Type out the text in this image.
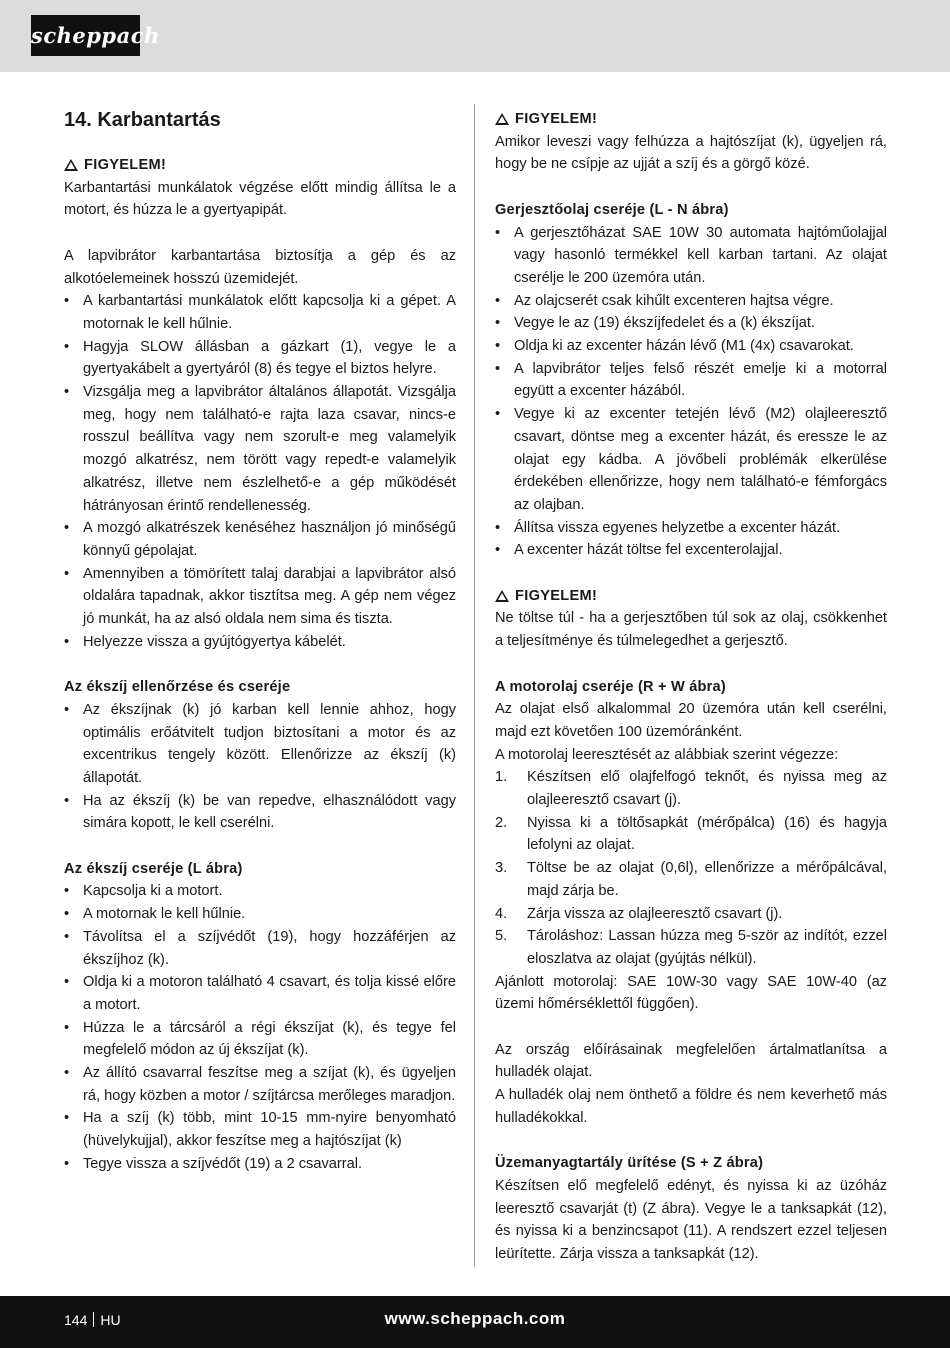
scheppach
14. Karbantartás
FIGYELEM!

Karbantartási munkálatok végzése előtt mindig állítsa le a motort, és húzza le a gyertyapipát.

A lapvibrátor karbantartása biztosítja a gép és az alkotóelemeinek hosszú üzemidejét.

• A karbantartási munkálatok előtt kapcsolja ki a gépet. A motornak le kell hűlnie.
• Hagyja SLOW állásban a gázkart (1), vegye le a gyertyakábelt a gyertyáról (8) és tegye el biztos helyre.
• Vizsgálja meg a lapvibrátor általános állapotát. Vizsgálja meg, hogy nem található-e rajta laza csavar, nincs-e rosszul beállítva vagy nem szorult-e meg valamelyik mozgó alkatrész, nem törött vagy repedt-e valamelyik alkatrész, illetve nem észlelhető-e a gép működését hátrányosan érintő rendellenesség.
• A mozgó alkatrészek kenéséhez használjon jó minőségű könnyű gépolajat.
• Amennyiben a tömörített talaj darabjai a lapvibrátor alsó oldalára tapadnak, akkor tisztítsa meg. A gép nem végez jó munkát, ha az alsó oldala nem sima és tiszta.
• Helyezze vissza a gyújtógyertya kábelét.
Az ékszíj ellenőrzése és cseréje
• Az ékszíjnak (k) jó karban kell lennie ahhoz, hogy optimális erőátvitelt tudjon biztosítani a motor és az excentrikus tengely között. Ellenőrizze az ékszíj (k) állapotát.
• Ha az ékszíj (k) be van repedve, elhasználódott vagy simára kopott, le kell cserélni.
Az ékszíj cseréje (L ábra)
• Kapcsolja ki a motort.
• A motornak le kell hűlnie.
• Távolítsa el a szíjvédőt (19), hogy hozzáférjen az ékszíjhoz (k).
• Oldja ki a motoron található 4 csavart, és tolja kissé előre a motort.
• Húzza le a tárcsáról a régi ékszíjat (k), és tegye fel megfelelő módon az új ékszíjat (k).
• Az állító csavarral feszítse meg a szíjat (k), és ügyeljen rá, hogy közben a motor / szíjtárcsa merőleges maradjon.
• Ha a szíj (k) több, mint 10-15 mm-nyire benyomható (hüvelykujjal), akkor feszítse meg a hajtószíjat (k)
• Tegye vissza a szíjvédőt (19) a 2 csavarral.
FIGYELEM!

Amikor leveszi vagy felhúzza a hajtószíjat (k), ügyeljen rá, hogy be ne csípje az ujját a szíj és a görgő közé.

Gerjesztőolaj cseréje (L - N ábra)
• A gerjesztőházat SAE 10W 30 automata hajtóműolajjal vagy hasonló termékkel kell karban tartani. Az olajat cserélje le 200 üzemóra után.
• Az olajcserét csak kihűlt excenteren hajtsa végre.
• Vegye le az (19) ékszíjfedelet és a (k) ékszíjat.
• Oldja ki az excenter házán lévő (M1 (4x) csavarokat.
• A lapvibrátor teljes felső részét emelje ki a motorral együtt a excenter házából.
• Vegye ki az excenter tetején lévő (M2) olajleeresztő csavart, döntse meg a excenter házát, és eressze le az olajat egy kádba. A jövőbeli problémák elkerülése érdekében ellenőrizze, hogy nem található-e fémforgács az olajban.
• Állítsa vissza egyenes helyzetbe a excenter házát.
• A excenter házát töltse fel excenterolajjal.
FIGYELEM!

Ne töltse túl - ha a gerjesztőben túl sok az olaj, csökkenhet a teljesítménye és túlmelegedhet a gerjesztő.

A motorolaj cseréje (R + W ábra)

Az olajat első alkalommal 20 üzemóra után kell cserélni, majd ezt követően 100 üzemóránként.

A motorolaj leeresztését az alábbiak szerint végezze:

1. Készítsen elő olajfelfogó teknőt, és nyissa meg az olajleeresztő csavart (j).
2. Nyissa ki a töltősapkát (mérőpálca) (16) és hagyja lefolyni az olajat.
3. Töltse be az olajat (0,6l), ellenőrizze a mérőpálcával, majd zárja be.
4. Zárja vissza az olajleeresztő csavart (j).
5. Tároláshoz: Lassan húzza meg 5-ször az indítót, ezzel eloszlatva az olajat (gyújtás nélkül).

Ajánlott motorolaj: SAE 10W-30 vagy SAE 10W-40 (az üzemi hőmérséklettől függően).

Az ország előírásainak megfelelően ártalmatlanítsa a hulladék olajat.

A hulladék olaj nem önthető a földre és nem keverhető más hulladékokkal.

Üzemanyagtartály ürítése (S + Z ábra)

Készítsen elő megfelelő edényt, és nyissa ki az üzóház leeresztő csavarját (t) (Z ábra). Vegye le a tanksapkát (12), és nyissa ki a benzincsapot (11). A rendszert ezzel teljesen leürítette. Zárja vissza a tanksapkát (12).

144 HU	www.scheppach.com
